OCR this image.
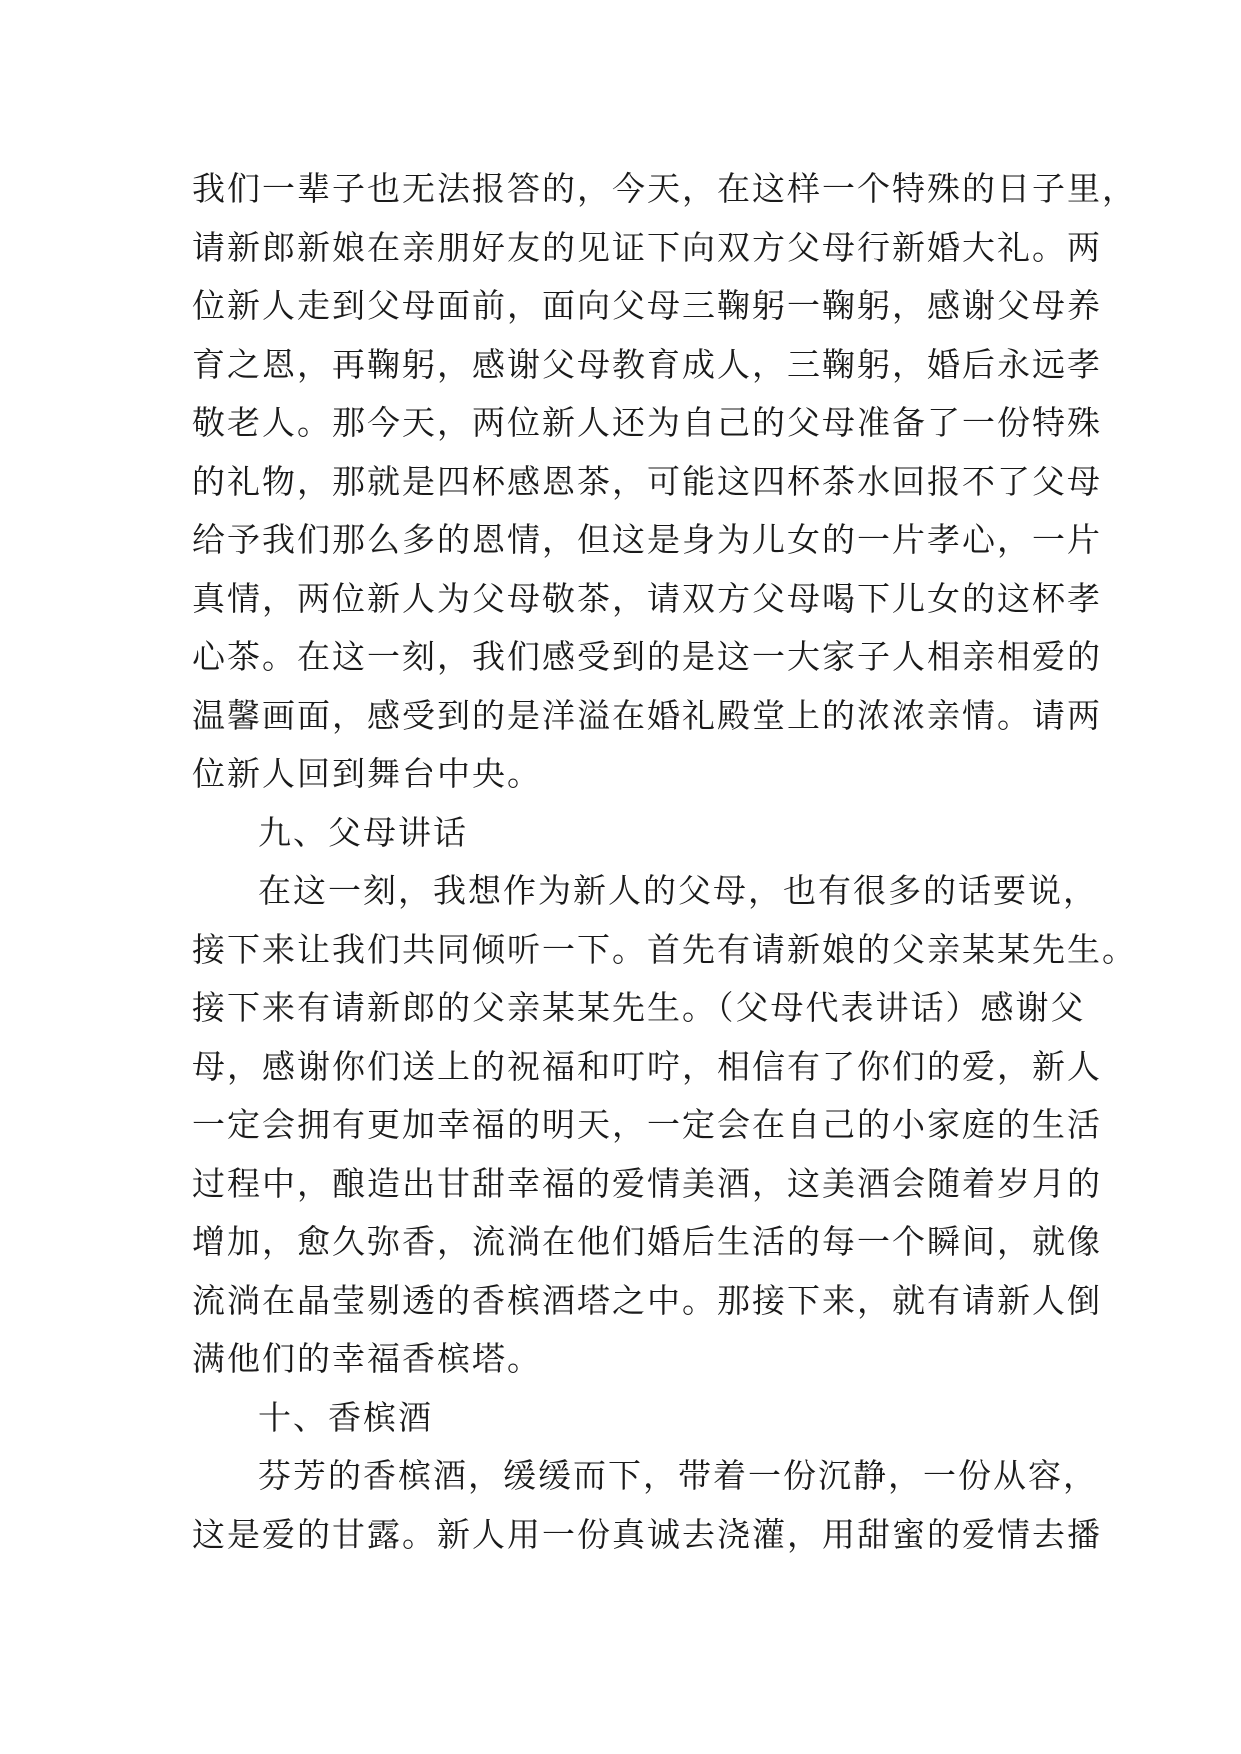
我们一辈子也无法报答的，今天，在这样一个特殊的日子里，
请新郎新娘在亲朋好友的见证下向双方父母行新婚大礼。两
位新人走到父母面前，面向父母三鞠躬一鞠躬，感谢父母养
育之恩，再鞠躬，感谢父母教育成人，三鞠躬，婚后永远孝
敬老人。那今天，两位新人还为自己的父母准备了一份特殊
的礼物，那就是四杯感恩茶，可能这四杯茶水回报不了父母
给予我们那么多的恩情，但这是身为儿女的一片孝心，一片
真情，两位新人为父母敬茶，请双方父母喝下儿女的这杯孝
心茶。在这一刻，我们感受到的是这一大家子人相亲相爱的
温馨画面，感受到的是洋溢在婚礼殿堂上的浓浓亲情。请两
位新人回到舞台中央。
九、父母讲话
在这一刻，我想作为新人的父母，也有很多的话要说，
接下来让我们共同倾听一下。首先有请新娘的父亲某某先生。
接下来有请新郎的父亲某某先生。（父母代表讲话）感谢父
母，感谢你们送上的祝福和叮咛，相信有了你们的爱，新人
一定会拥有更加幸福的明天，一定会在自己的小家庭的生活
过程中，酿造出甘甜幸福的爱情美酒，这美酒会随着岁月的
增加，愈久弥香，流淌在他们婚后生活的每一个瞬间，就像
流淌在晶莹剔透的香槟酒塔之中。那接下来，就有请新人倒
满他们的幸福香槟塔。
十、香槟酒
芬芳的香槟酒，缓缓而下，带着一份沉静，一份从容，
这是爱的甘露。新人用一份真诚去浇灌，用甜蜜的爱情去播
